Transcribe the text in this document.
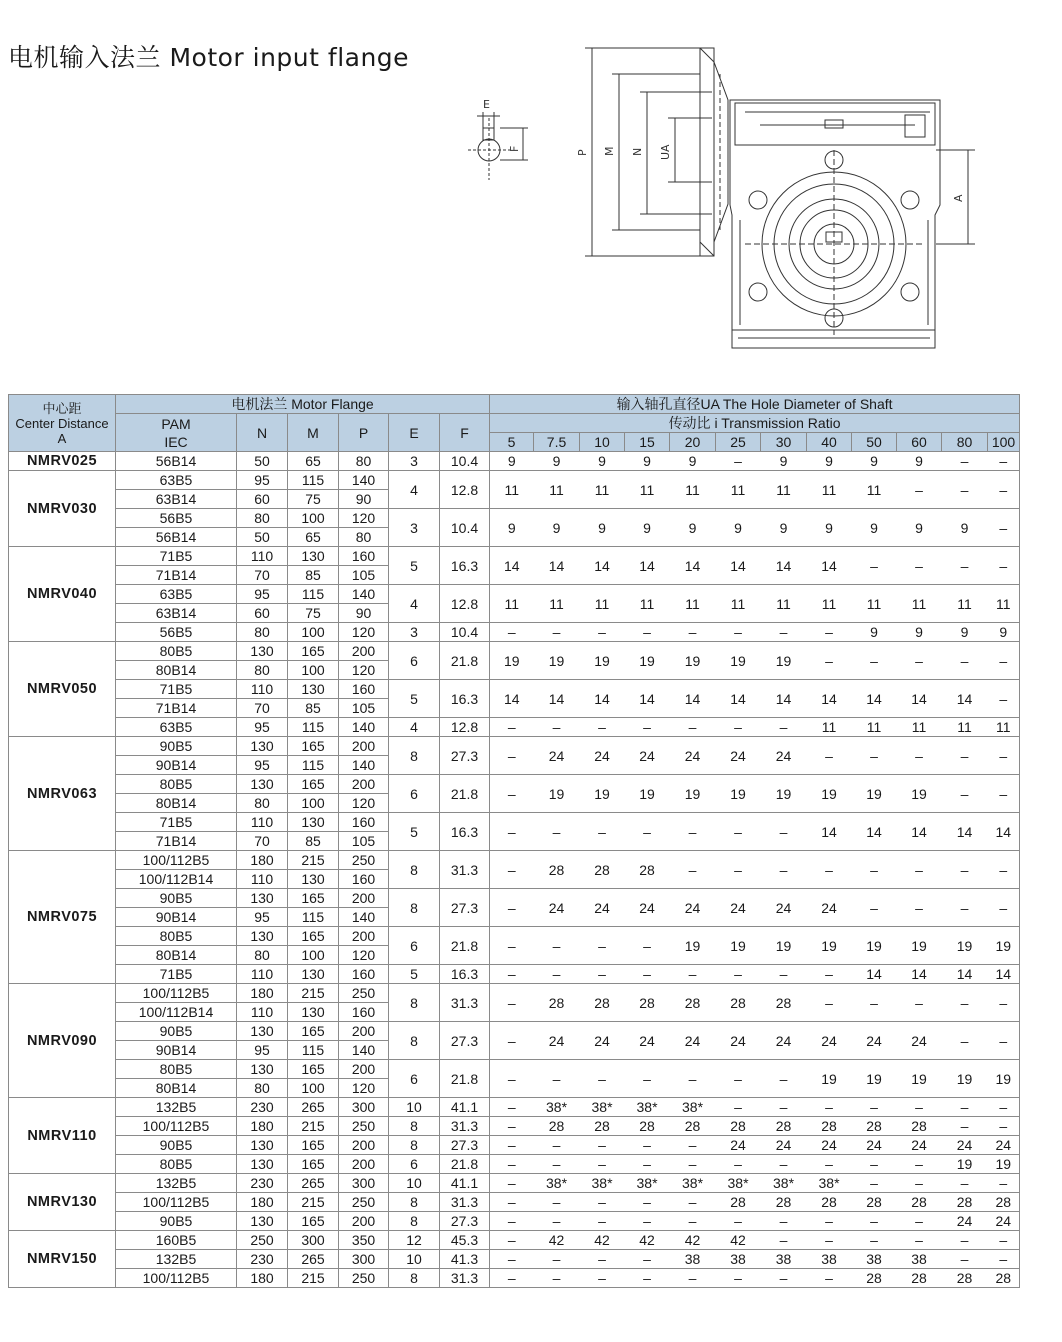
电机输入法兰 Motor input flange
E
F
P M N UA
A
中心距
Center Distance
A	电机法兰 Motor Flange						输入轴孔直径UA The Hole Diameter of Shaft											

	PAM
IEC	N	M	P	E	F	传动比 i Transmission Ratio											
							5	7.5	10	15	20	25	30	40	50	60	80	100
NMRV025	56B14	50	65	80	3	10.4	9	9	9	9	9	–	9	9	9	9	–	–
NMRV030	63B5	95	115	140	4	12.8	11	11	11	11	11	11	11	11	11	–	–	–
	63B14	60	75	90														
	56B5	80	100	120	3	10.4	9	9	9	9	9	9	9	9	9	9	9	–
	56B14	50	65	80														
NMRV040	71B5	110	130	160	5	16.3	14	14	14	14	14	14	14	14	–	–	–	–
	71B14	70	85	105														
	63B5	95	115	140	4	12.8	11	11	11	11	11	11	11	11	11	11	11	11
	63B14	60	75	90														
	56B5	80	100	120	3	10.4	–	–	–	–	–	–	–	–	9	9	9	9
NMRV050	80B5	130	165	200	6	21.8	19	19	19	19	19	19	19	–	–	–	–	–
	80B14	80	100	120														
	71B5	110	130	160	5	16.3	14	14	14	14	14	14	14	14	14	14	14	–
	71B14	70	85	105														
	63B5	95	115	140	4	12.8	–	–	–	–	–	–	–	11	11	11	11	11
NMRV063	90B5	130	165	200	8	27.3	–	24	24	24	24	24	24	–	–	–	–	–
	90B14	95	115	140														
	80B5	130	165	200	6	21.8	–	19	19	19	19	19	19	19	19	19	–	–
	80B14	80	100	120														
	71B5	110	130	160	5	16.3	–	–	–	–	–	–	–	14	14	14	14	14
	71B14	70	85	105														
NMRV075	100/112B5	180	215	250	8	31.3	–	28	28	28	–	–	–	–	–	–	–	–
	100/112B14	110	130	160														
	90B5	130	165	200	8	27.3	–	24	24	24	24	24	24	24	–	–	–	–
	90B14	95	115	140														
	80B5	130	165	200	6	21.8	–	–	–	–	19	19	19	19	19	19	19	19
	80B14	80	100	120														
	71B5	110	130	160	5	16.3	–	–	–	–	–	–	–	–	14	14	14	14
NMRV090	100/112B5	180	215	250	8	31.3	–	28	28	28	28	28	28	–	–	–	–	–
	100/112B14	110	130	160														
	90B5	130	165	200	8	27.3	–	24	24	24	24	24	24	24	24	24	–	–
	90B14	95	115	140														
	80B5	130	165	200	6	21.8	–	–	–	–	–	–	–	19	19	19	19	19
	80B14	80	100	120														
NMRV110	132B5	230	265	300	10	41.1	–	38*	38*	38*	38*	–	–	–	–	–	–	–
	100/112B5	180	215	250	8	31.3	–	28	28	28	28	28	28	28	28	28	–	–
	90B5	130	165	200	8	27.3	–	–	–	–	–	24	24	24	24	24	24	24
	80B5	130	165	200	6	21.8	–	–	–	–	–	–	–	–	–	–	19	19
NMRV130	132B5	230	265	300	10	41.1	–	38*	38*	38*	38*	38*	38*	38*	–	–	–	–
	100/112B5	180	215	250	8	31.3	–	–	–	–	–	28	28	28	28	28	28	28
	90B5	130	165	200	8	27.3	–	–	–	–	–	–	–	–	–	–	24	24
NMRV150	160B5	250	300	350	12	45.3	–	42	42	42	42	42	–	–	–	–	–	–
	132B5	230	265	300	10	41.3	–	–	–	–	38	38	38	38	38	38	–	–
	100/112B5	180	215	250	8	31.3	–	–	–	–	–	–	–	–	28	28	28	28
